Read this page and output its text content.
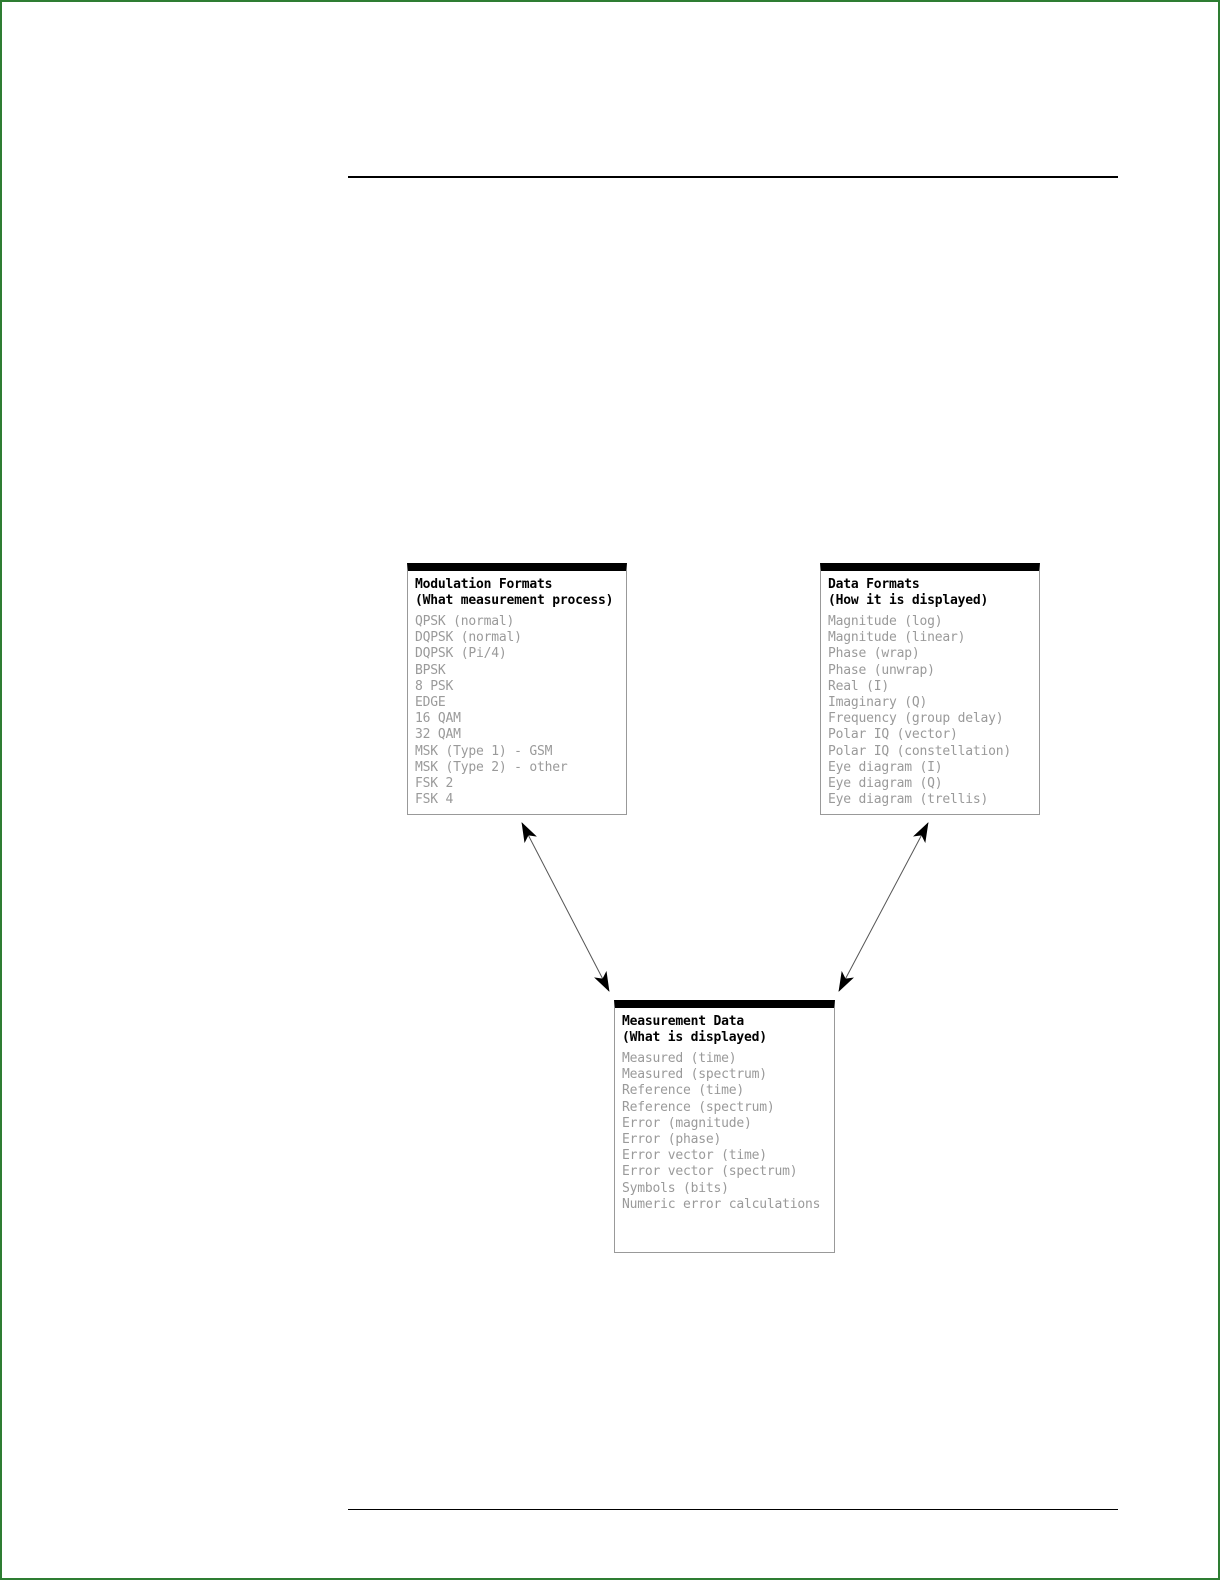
Modulation Formats
(What measurement process)
QPSK (normal)
DQPSK (normal)
DQPSK (Pi/4)
BPSK
8 PSK
EDGE
16 QAM
32 QAM
MSK (Type 1) - GSM
MSK (Type 2) - other
FSK 2
FSK 4
Data Formats
(How it is displayed)
Magnitude (log)
Magnitude (linear)
Phase (wrap)
Phase (unwrap)
Real (I)
Imaginary (Q)
Frequency (group delay)
Polar IQ (vector)
Polar IQ (constellation)
Eye diagram (I)
Eye diagram (Q)
Eye diagram (trellis)
Measurement Data
(What is displayed)
Measured (time)
Measured (spectrum)
Reference (time)
Reference (spectrum)
Error (magnitude)
Error (phase)
Error vector (time)
Error vector (spectrum)
Symbols (bits)
Numeric error calculations
